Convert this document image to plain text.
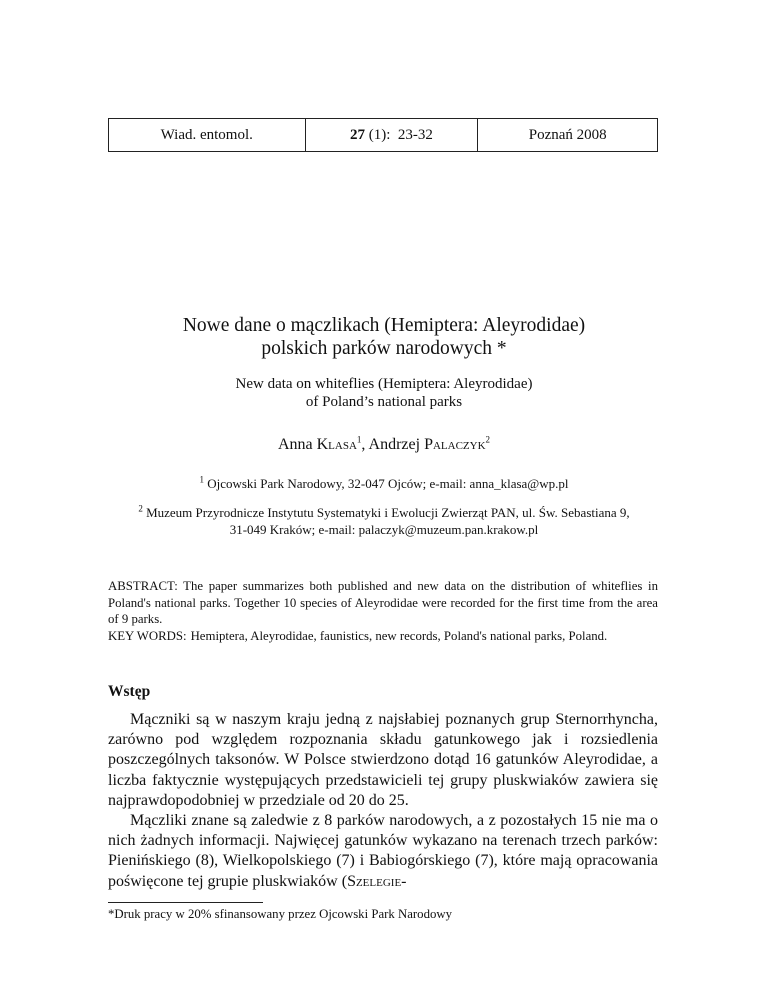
Wiad. entomol.	27 (1):  23-32	Poznań 2008
Nowe dane o mączlikach (Hemiptera: Aleyrodidae)
polskich parków narodowych *
New data on whiteflies (Hemiptera: Aleyrodidae)
of Poland’s national parks
Anna Klasa$^1$, Andrzej Palaczyk$^2$
$^1$ Ojcowski Park Narodowy, 32-047 Ojców; e-mail: anna_klasa@wp.pl
$^2$ Muzeum Przyrodnicze Instytutu Systematyki i Ewolucji Zwierząt PAN, ul. Św. Sebastiana 9,
31-049 Kraków; e-mail: palaczyk@muzeum.pan.krakow.pl

ABSTRACT: The paper summarizes both published and new data on the distribution of whiteflies in Poland's national parks. Together 10 species of Aleyrodidae were recorded for the first time from the area of 9 parks.

KEY WORDS: Hemiptera, Aleyrodidae, faunistics, new records, Poland's national parks, Poland.
Wstęp

Mączniki są w naszym kraju jedną z najsłabiej poznanych grup Sternorrhyncha, zarówno pod względem rozpoznania składu gatunkowego jak i rozsiedlenia poszczególnych taksonów. W Polsce stwierdzono dotąd 16 gatunków Aleyrodidae, a liczba faktycznie występujących przedstawicieli tej grupy pluskwiaków zawiera się najprawdopodobniej w przedziale od 20 do 25.

Mączliki znane są zaledwie z 8 parków narodowych, a z pozostałych 15 nie ma o nich żadnych informacji. Najwięcej gatunków wykazano na terenach trzech parków: Pienińskiego (8), Wielkopolskiego (7) i Babiogórskiego (7), które mają opracowania poświęcone tej grupie pluskwiaków (Szelegie-

*Druk pracy w 20% sfinansowany przez Ojcowski Park Narodowy
